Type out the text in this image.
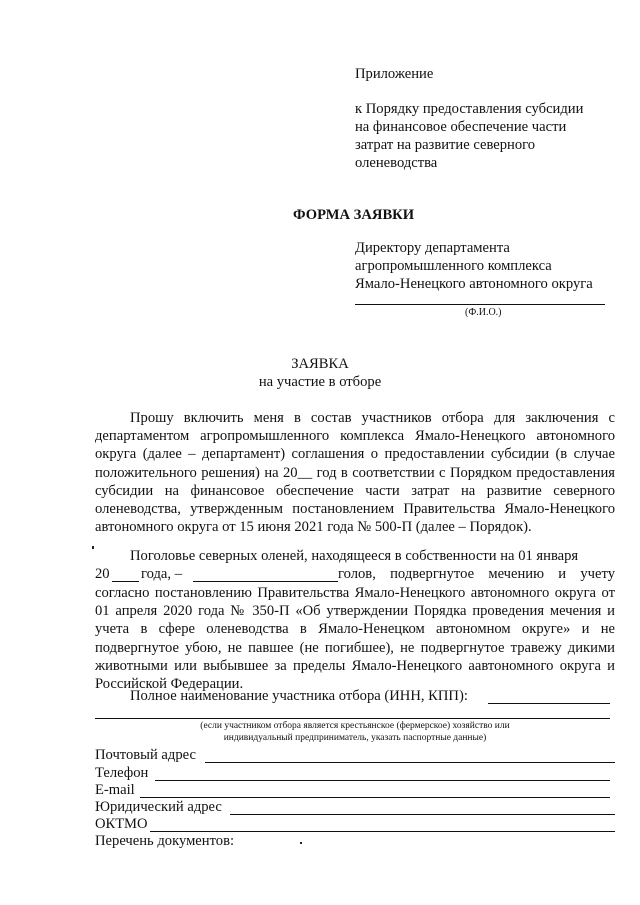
Приложение
к Порядку предоставления субсидии
на финансовое обеспечение части
затрат на развитие северного
оленеводства
ФОРМА ЗАЯВКИ
Директору департамента
агропромышленного комплекса
Ямало-Ненецкого автономного округа
(Ф.И.О.)
ЗАЯВКА
на участие в отборе
Прошу включить меня в состав участников отбора для заключения с департаментом агропромышленного комплекса Ямало-Ненецкого автономного округа (далее – департамент) соглашения о предоставлении субсидии (в случае положительного решения) на 20__ год в соответствии с Порядком предоставления субсидии на финансовое обеспечение части затрат на развитие северного оленеводства, утвержденным постановлением Правительства Ямало-Ненецкого автономного округа от 15 июня 2021 года № 500-П (далее – Порядок).
Поголовье северных оленей, находящееся в собственности на 01 января
20 года, –	голов, подвергнутое мечению и учету
согласно постановлению Правительства Ямало-Ненецкого автономного округа от 01 апреля 2020 года № 350-П «Об утверждении Порядка проведения мечения и учета в сфере оленеводства в Ямало-Ненецком автономном округе» и не подвергнутое убою, не павшее (не погибшее), не подвергнутое травежу дикими животными или выбывшее за пределы Ямало-Ненецкого аавтономного округа и Российской Федерации.
Полное наименование участника отбора (ИНН, КПП):
(если участником отбора является крестьянское (фермерское) хозяйство или
индивидуальный предприниматель, указать паспортные данные)
Почтовый адрес
Телефон
E-mail
Юридический адрес
ОКТМО
Перечень документов:
